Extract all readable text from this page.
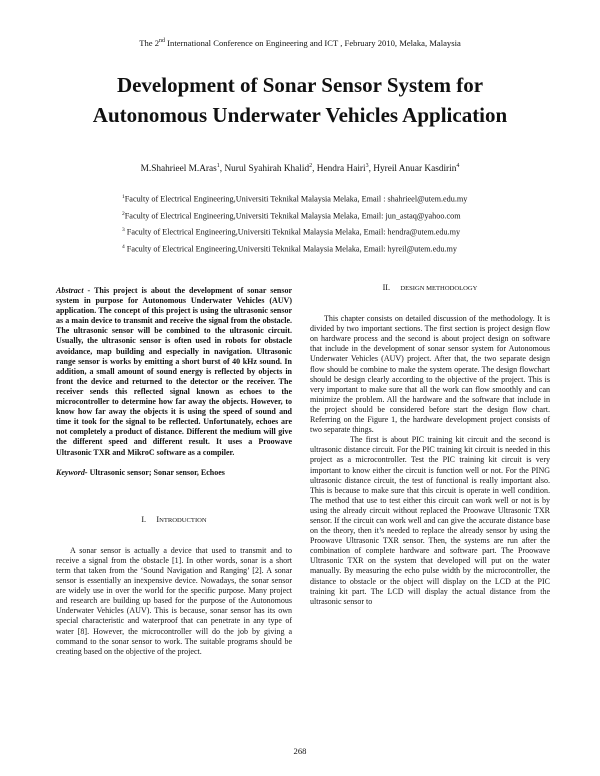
The 2nd International Conference on Engineering and ICT , February 2010, Melaka, Malaysia
Development of Sonar Sensor System for
Autonomous Underwater Vehicles Application
M.Shahrieel M.Aras$^1$, Nurul Syahirah Khalid$^2$, Hendra Hairi$^3$, Hyreil Anuar Kasdirin$^4$
$^1$Faculty of Electrical Engineering,Universiti Teknikal Malaysia Melaka, Email : shahrieel@utem.edu.my
$^2$Faculty of Electrical Engineering,Universiti Teknikal Malaysia Melaka, Email: jun_astaq@yahoo.com
$^3$ Faculty of Electrical Engineering,Universiti Teknikal Malaysia Melaka, Email: hendra@utem.edu.my
$^4$ Faculty of Electrical Engineering,Universiti Teknikal Malaysia Melaka, Email: hyreil@utem.edu.my

Abstract - This project is about the development of sonar sensor system in purpose for Autonomous Underwater Vehicles (AUV) application. The concept of this project is using the ultrasonic sensor as a main device to transmit and receive the signal from the obstacle. The ultrasonic sensor will be combined to the ultrasonic circuit. Usually, the ultrasonic sensor is often used in robots for obstacle avoidance, map building and especially in navigation. Ultrasonic range sensor is works by emitting a short burst of 40 kHz sound. In addition, a small amount of sound energy is reflected by objects in front the device and returned to the detector or the receiver. The receiver sends this reflected signal known as echoes to the microcontroller to determine how far away the objects. However, to know how far away the objects it is using the speed of sound and time it took for the signal to be reflected. Unfortunately, echoes are not completely a product of distance. Different the medium will give the different speed and different result. It uses a Proowave Ultrasonic TXR and MikroC software as a compiler.

Keyword- Ultrasonic sensor; Sonar sensor, Echoes

I. INTRODUCTION

A sonar sensor is actually a device that used to transmit and to receive a signal from the obstacle [1]. In other words, sonar is a short term that taken from the ‘Sound Navigation and Ranging’ [2]. A sonar sensor is essentially an inexpensive device. Nowadays, the sonar sensor are widely use in over the world for the specific purpose. Many project and research are building up based for the purpose of the Autonomous Underwater Vehicles (AUV). This is because, sonar sensor has its own special characteristic and waterproof that can penetrate in any type of water [8]. However, the microcontroller will do the job by giving a command to the sonar sensor to work. The suitable programs should be creating based on the objective of the project.

II. DESIGN METHODOLOGY

This chapter consists on detailed discussion of the methodology. It is divided by two important sections. The first section is project design flow on hardware process and the second is about project design on software that include in the development of sonar sensor system for Autonomous Underwater Vehicles (AUV) project. After that, the two separate design flow should be combine to make the system operate. The design flowchart should be design clearly according to the objective of the project. This is very important to make sure that all the work can flow smoothly and can minimize the problem. All the hardware and the software that include in the project should be considered before start the design flow chart. Referring on the Figure 1, the hardware development project consists of two separate things.

The first is about PIC training kit circuit and the second is ultrasonic distance circuit. For the PIC training kit circuit is needed in this project as a microcontroller. Test the PIC training kit circuit is very important to know either the circuit is function well or not. For the PING ultrasonic distance circuit, the test of functional is really important also. This is because to make sure that this circuit is operate in well condition. The method that use to test either this circuit can work well or not is by using the already circuit without replaced the Proowave Ultrasonic TXR sensor. If the circuit can work well and can give the accurate distance base on the theory, then it’s needed to replace the already sensor by using the Proowave Ultrasonic TXR sensor. Then, the systems are run after the combination of complete hardware and software part. The Proowave Ultrasonic TXR on the system that developed will put on the water manually. By measuring the echo pulse width by the microcontroller, the distance to obstacle or the object will display on the LCD at the PIC training kit part. The LCD will display the actual distance from the ultrasonic sensor to

268
